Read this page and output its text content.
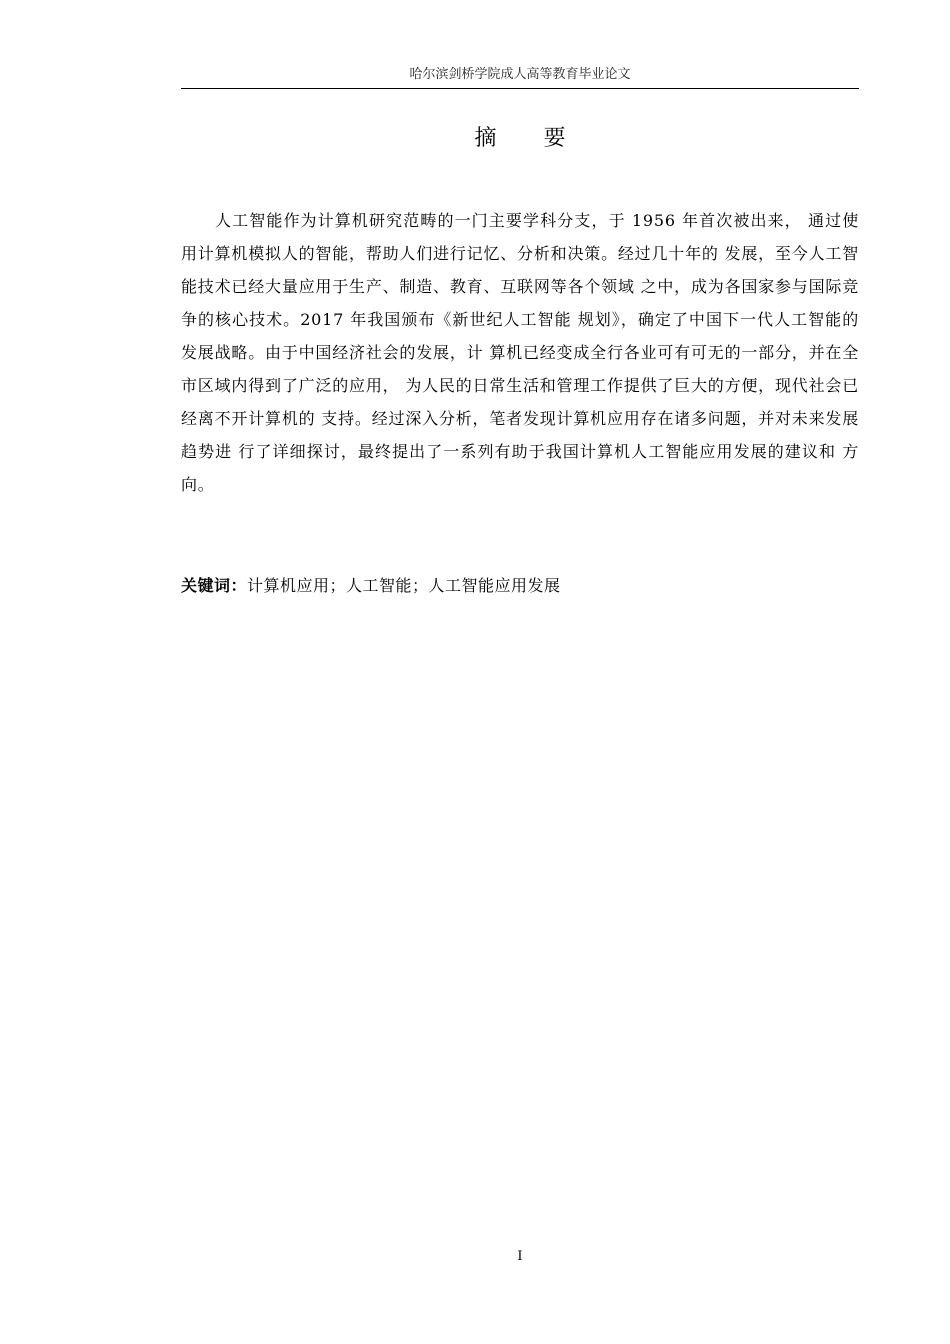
哈尔滨剑桥学院成人高等教育毕业论文
摘 要

人工智能作为计算机研究范畴的一门主要学科分支，于 1956 年首次被出来， 通过使用计算机模拟人的智能，帮助人们进行记忆、分析和决策。经过几十年的 发展，至今人工智能技术已经大量应用于生产、制造、教育、互联网等各个领域 之中，成为各国家参与国际竞争的核心技术。2017 年我国颁布《新世纪人工智能 规划》，确定了中国下一代人工智能的发展战略。由于中国经济社会的发展，计 算机已经变成全行各业可有可无的一部分，并在全市区域内得到了广泛的应用， 为人民的日常生活和管理工作提供了巨大的方便，现代社会已经离不开计算机的 支持。经过深入分析，笔者发现计算机应用存在诸多问题，并对未来发展趋势进 行了详细探讨，最终提出了一系列有助于我国计算机人工智能应用发展的建议和 方向。

关键词：计算机应用；人工智能；人工智能应用发展
I
